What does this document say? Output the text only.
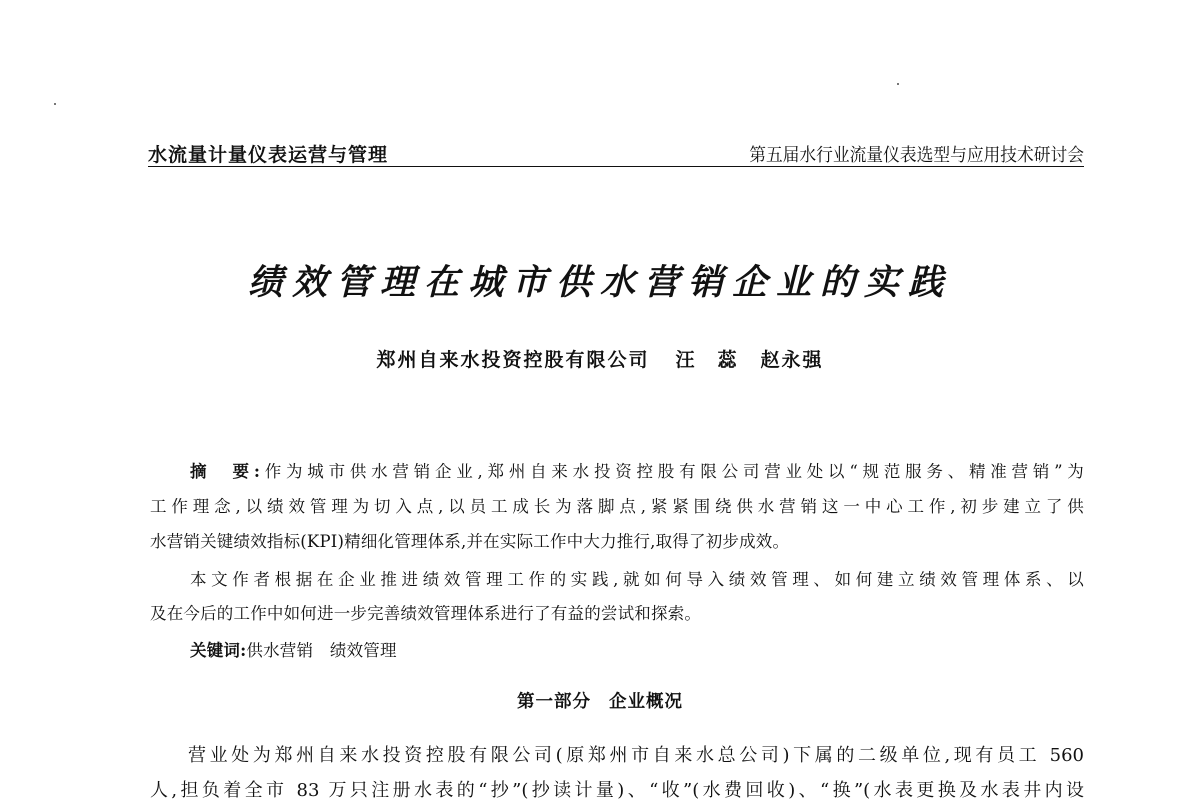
水流量计量仪表运营与管理	第五届水行业流量仪表选型与应用技术研讨会
绩效管理在城市供水营销企业的实践
郑州自来水投资控股有限公司 汪　蕊 赵永强
摘　要:作为城市供水营销企业,郑州自来水投资控股有限公司营业处以“规范服务、精准营销”为
工作理念,以绩效管理为切入点,以员工成长为落脚点,紧紧围绕供水营销这一中心工作,初步建立了供
水营销关键绩效指标(KPI)精细化管理体系,并在实际工作中大力推行,取得了初步成效。
本文作者根据在企业推进绩效管理工作的实践,就如何导入绩效管理、如何建立绩效管理体系、以
及在今后的工作中如何进一步完善绩效管理体系进行了有益的尝试和探索。
关键词:供水营销　绩效管理
第一部分 企业概况
营业处为郑州自来水投资控股有限公司(原郑州市自来水总公司)下属的二级单位,现有员工 560
人,担负着全市 83 万只注册水表的“抄”(抄读计量)、“收”(水费回收)、“换”(水表更换及水表井内设
